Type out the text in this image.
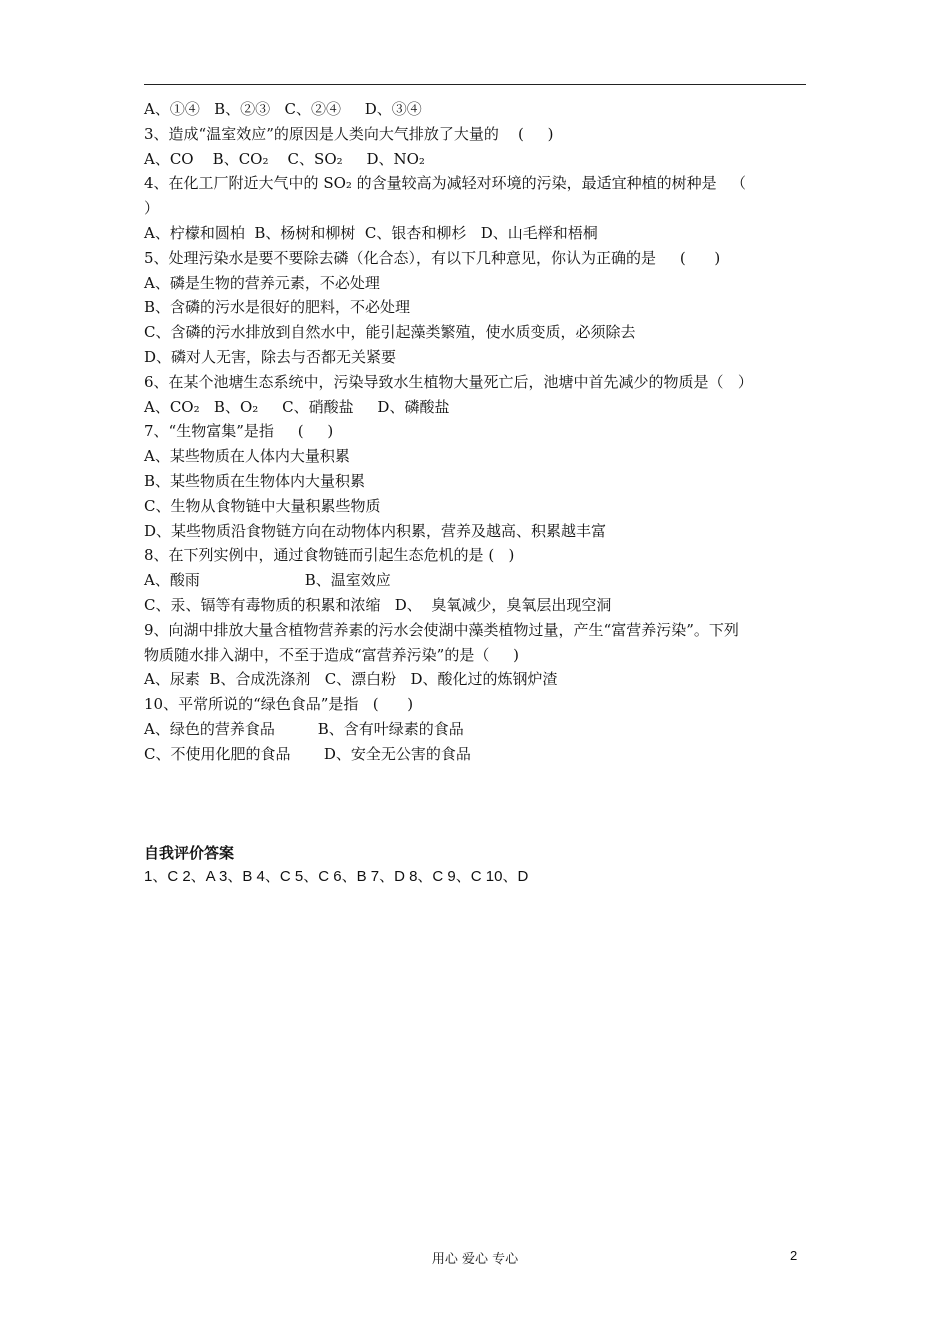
A、①④   B、②③   C、②④     D、③④
3、造成“温室效应”的原因是人类向大气排放了大量的    (     )
A、CO    B、CO₂    C、SO₂     D、NO₂
4、在化工厂附近大气中的 SO₂ 的含量较高为减轻对环境的污染，最适宜种植的树种是   （
）
A、柠檬和圆柏  B、杨树和柳树  C、银杏和柳杉   D、山毛榉和梧桐
5、处理污染水是要不要除去磷（化合态），有以下几种意见，你认为正确的是     (      )
A、磷是生物的营养元素，不必处理
B、含磷的污水是很好的肥料，不必处理
C、含磷的污水排放到自然水中，能引起藻类繁殖，使水质变质，必须除去
D、磷对人无害，除去与否都无关紧要
6、在某个池塘生态系统中，污染导致水生植物大量死亡后，池塘中首先减少的物质是（   ）
A、CO₂   B、O₂     C、硝酸盐     D、磷酸盐
7、“生物富集”是指     (     )
A、某些物质在人体内大量积累
B、某些物质在生物体内大量积累
C、生物从食物链中大量积累些物质
D、某些物质沿食物链方向在动物体内积累，营养及越高、积累越丰富
8、在下列实例中，通过食物链而引起生态危机的是 (   )
A、酸雨                      B、温室效应
C、汞、镉等有毒物质的积累和浓缩   D、  臭氧减少，臭氧层出现空洞
9、向湖中排放大量含植物营养素的污水会使湖中藻类植物过量，产生“富营养污染”。下列
物质随水排入湖中，不至于造成“富营养污染”的是（     )
A、尿素  B、合成洗涤剂   C、漂白粉   D、酸化过的炼钢炉渣
10、平常所说的“绿色食品”是指   (      )
A、绿色的营养食品         B、含有叶绿素的食品
C、不使用化肥的食品       D、安全无公害的食品
自我评价答案
1、C 2、A 3、B 4、C 5、C 6、B 7、D 8、C 9、C 10、D
用心 爱心 专心	2
